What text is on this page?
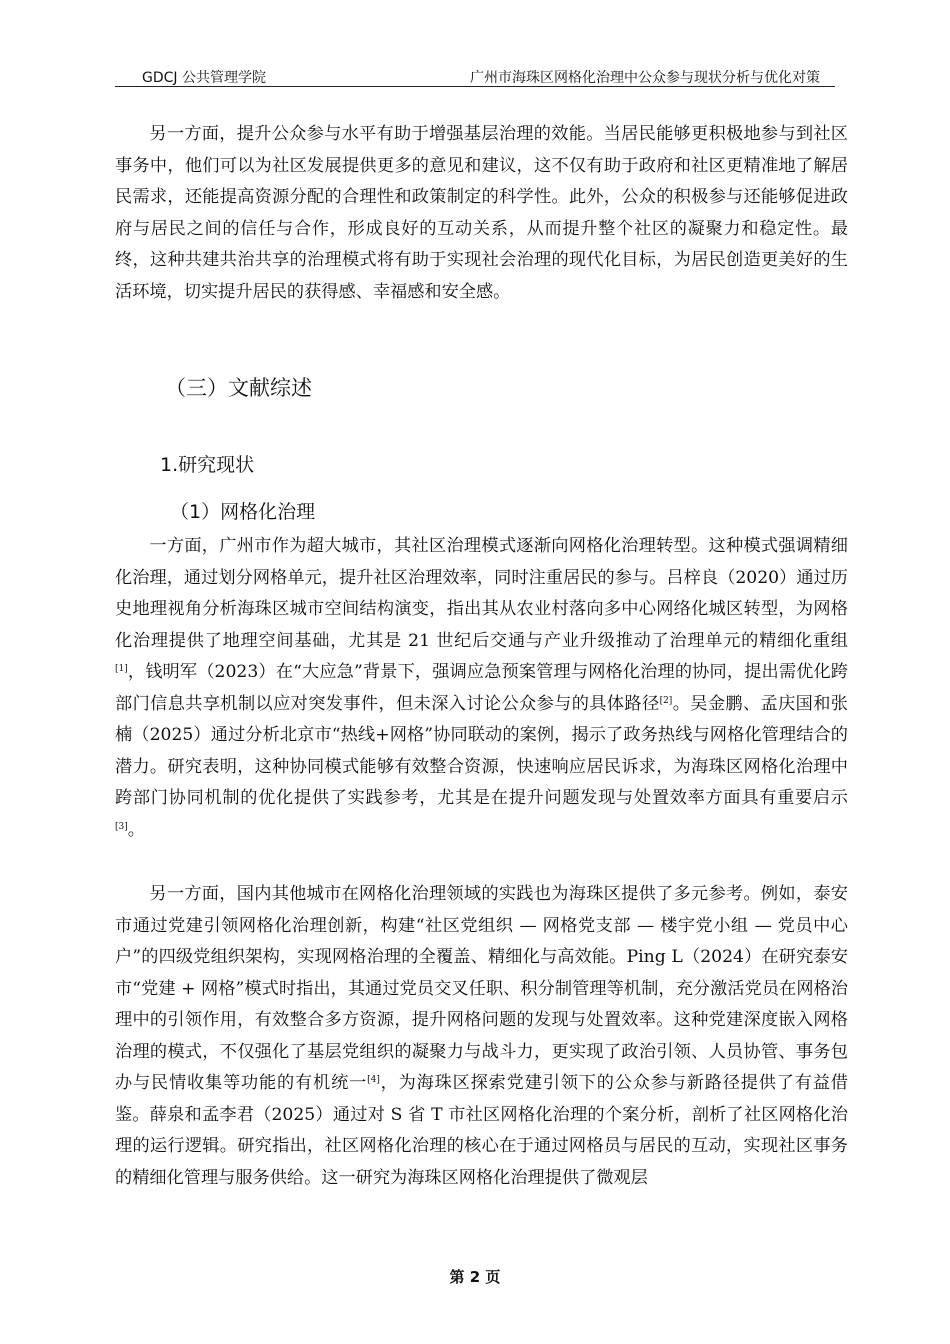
GDCJ 公共管理学院	广州市海珠区网格化治理中公众参与现状分析与优化对策

另一方面，提升公众参与水平有助于增强基层治理的效能。当居民能够更积极地参与到社区事务中，他们可以为社区发展提供更多的意见和建议，这不仅有助于政府和社区更精准地了解居民需求，还能提高资源分配的合理性和政策制定的科学性。此外，公众的积极参与还能够促进政府与居民之间的信任与合作，形成良好的互动关系，从而提升整个社区的凝聚力和稳定性。最终，这种共建共治共享的治理模式将有助于实现社会治理的现代化目标，为居民创造更美好的生活环境，切实提升居民的获得感、幸福感和安全感。

（三）文献综述
1.研究现状
（1）网格化治理

一方面，广州市作为超大城市，其社区治理模式逐渐向网格化治理转型。这种模式强调精细化治理，通过划分网格单元，提升社区治理效率，同时注重居民的参与。吕梓良（2020）通过历史地理视角分析海珠区城市空间结构演变，指出其从农业村落向多中心网络化城区转型，为网格化治理提供了地理空间基础，尤其是 21 世纪后交通与产业升级推动了治理单元的精细化重组[1]，钱明军（2023）在“大应急”背景下，强调应急预案管理与网格化治理的协同，提出需优化跨部门信息共享机制以应对突发事件，但未深入讨论公众参与的具体路径[2]。吴金鹏、孟庆国和张楠（2025）通过分析北京市“热线+网格”协同联动的案例，揭示了政务热线与网格化管理结合的潜力。研究表明，这种协同模式能够有效整合资源，快速响应居民诉求，为海珠区网格化治理中跨部门协同机制的优化提供了实践参考，尤其是在提升问题发现与处置效率方面具有重要启示[3]。

另一方面，国内其他城市在网格化治理领域的实践也为海珠区提供了多元参考。例如，泰安市通过党建引领网格化治理创新，构建“社区党组织 — 网格党支部 — 楼宇党小组 — 党员中心户”的四级党组织架构，实现网格治理的全覆盖、精细化与高效能。Ping L（2024）在研究泰安市“党建 + 网格”模式时指出，其通过党员交叉任职、积分制管理等机制，充分激活党员在网格治理中的引领作用，有效整合多方资源，提升网格问题的发现与处置效率。这种党建深度嵌入网格治理的模式，不仅强化了基层党组织的凝聚力与战斗力，更实现了政治引领、人员协管、事务包办与民情收集等功能的有机统一[4]，为海珠区探索党建引领下的公众参与新路径提供了有益借鉴。薛泉和孟李君（2025）通过对 S 省 T 市社区网格化治理的个案分析，剖析了社区网格化治理的运行逻辑。研究指出，社区网格化治理的核心在于通过网格员与居民的互动，实现社区事务的精细化管理与服务供给。这一研究为海珠区网格化治理提供了微观层

第 2 页
